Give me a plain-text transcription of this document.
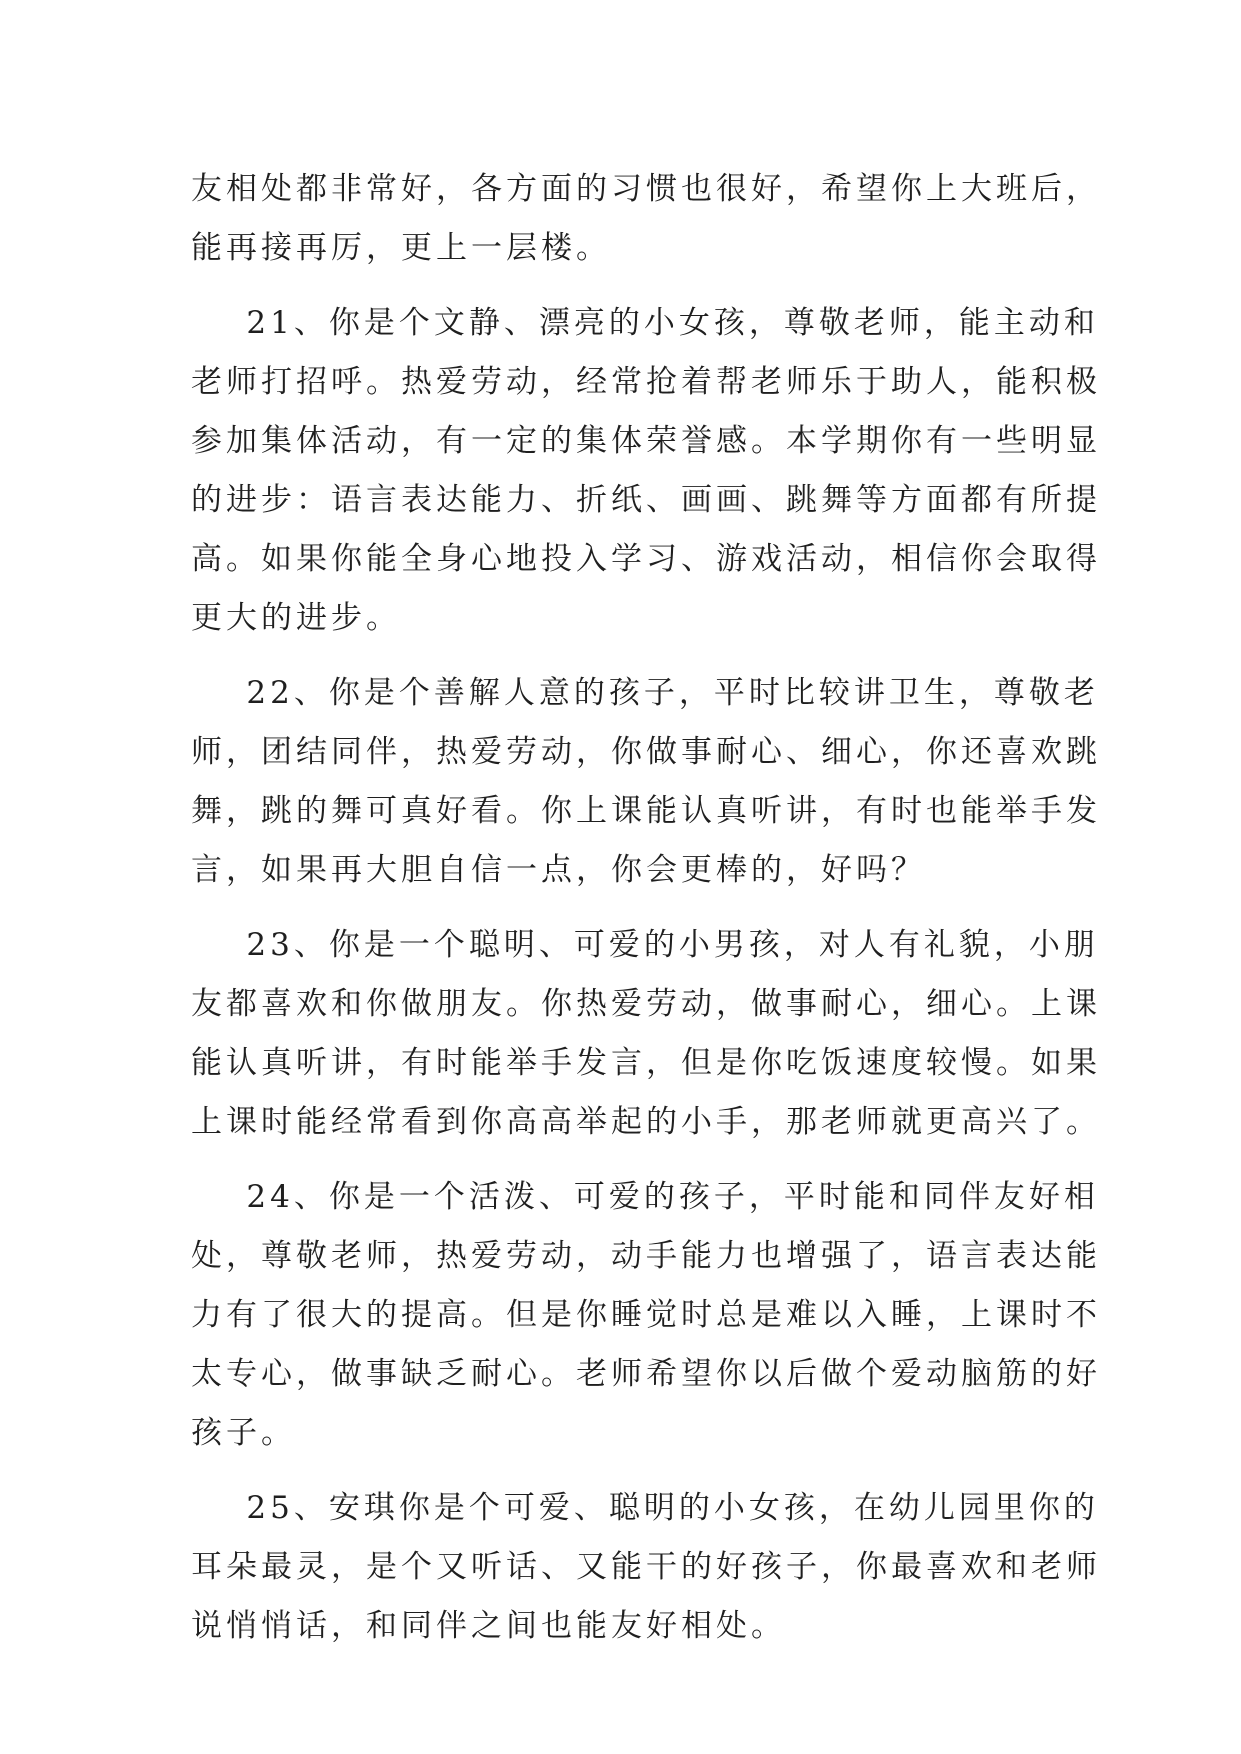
友相处都非常好，各方面的习惯也很好，希望你上大班后，
能再接再厉，更上一层楼。
21、你是个文静、漂亮的小女孩，尊敬老师，能主动和
老师打招呼。热爱劳动，经常抢着帮老师乐于助人，能积极
参加集体活动，有一定的集体荣誉感。本学期你有一些明显
的进步：语言表达能力、折纸、画画、跳舞等方面都有所提
高。如果你能全身心地投入学习、游戏活动，相信你会取得
更大的进步。
22、你是个善解人意的孩子，平时比较讲卫生，尊敬老
师，团结同伴，热爱劳动，你做事耐心、细心，你还喜欢跳
舞，跳的舞可真好看。你上课能认真听讲，有时也能举手发
言，如果再大胆自信一点，你会更棒的，好吗？
23、你是一个聪明、可爱的小男孩，对人有礼貌，小朋
友都喜欢和你做朋友。你热爱劳动，做事耐心，细心。上课
能认真听讲，有时能举手发言，但是你吃饭速度较慢。如果
上课时能经常看到你高高举起的小手，那老师就更高兴了。
24、你是一个活泼、可爱的孩子，平时能和同伴友好相
处，尊敬老师，热爱劳动，动手能力也增强了，语言表达能
力有了很大的提高。但是你睡觉时总是难以入睡，上课时不
太专心，做事缺乏耐心。老师希望你以后做个爱动脑筋的好
孩子。
25、安琪你是个可爱、聪明的小女孩，在幼儿园里你的
耳朵最灵，是个又听话、又能干的好孩子，你最喜欢和老师
说悄悄话，和同伴之间也能友好相处。
